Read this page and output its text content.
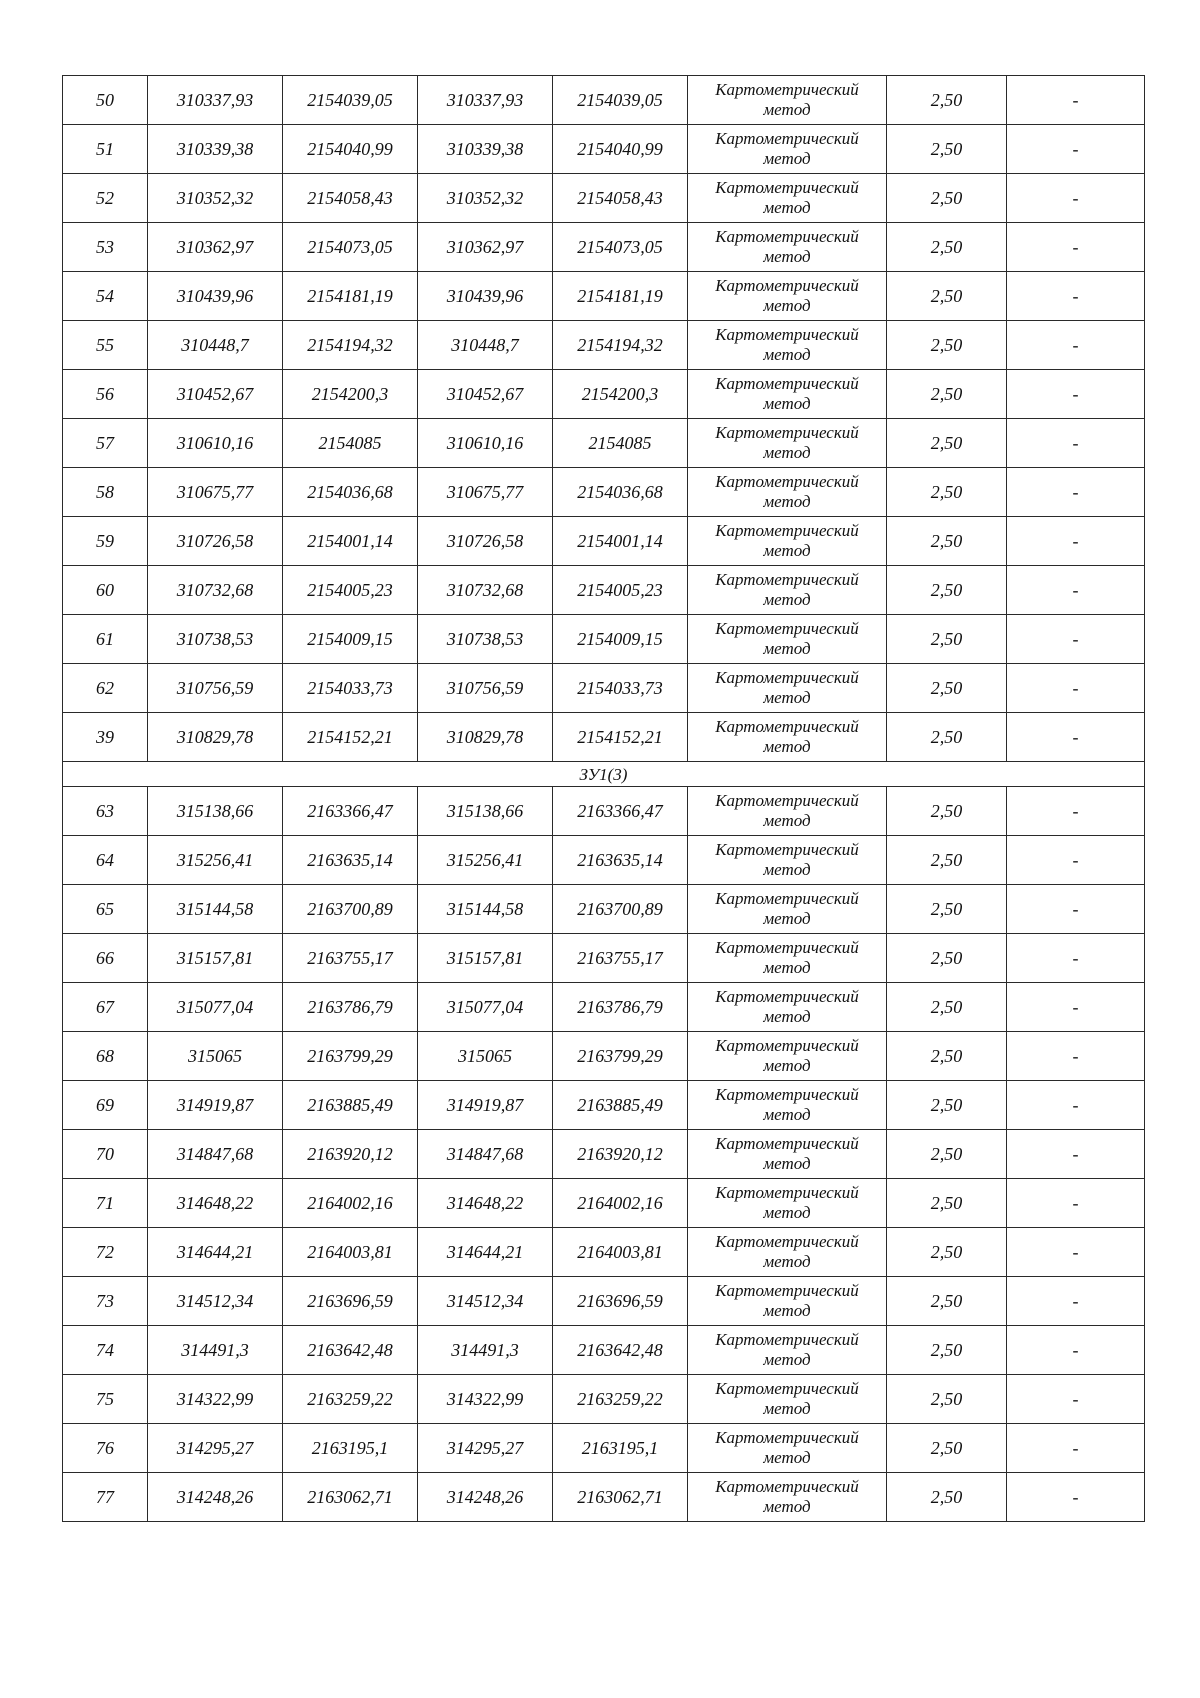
50	310337,93	2154039,05	310337,93	2154039,05	Картометрический
метод	2,50	-
51	310339,38	2154040,99	310339,38	2154040,99	Картометрический
метод	2,50	-
52	310352,32	2154058,43	310352,32	2154058,43	Картометрический
метод	2,50	-
53	310362,97	2154073,05	310362,97	2154073,05	Картометрический
метод	2,50	-
54	310439,96	2154181,19	310439,96	2154181,19	Картометрический
метод	2,50	-
55	310448,7	2154194,32	310448,7	2154194,32	Картометрический
метод	2,50	-
56	310452,67	2154200,3	310452,67	2154200,3	Картометрический
метод	2,50	-
57	310610,16	2154085	310610,16	2154085	Картометрический
метод	2,50	-
58	310675,77	2154036,68	310675,77	2154036,68	Картометрический
метод	2,50	-
59	310726,58	2154001,14	310726,58	2154001,14	Картометрический
метод	2,50	-
60	310732,68	2154005,23	310732,68	2154005,23	Картометрический
метод	2,50	-
61	310738,53	2154009,15	310738,53	2154009,15	Картометрический
метод	2,50	-
62	310756,59	2154033,73	310756,59	2154033,73	Картометрический
метод	2,50	-
39	310829,78	2154152,21	310829,78	2154152,21	Картометрический
метод	2,50	-
ЗУ1(3)							
63	315138,66	2163366,47	315138,66	2163366,47	Картометрический
метод	2,50	-
64	315256,41	2163635,14	315256,41	2163635,14	Картометрический
метод	2,50	-
65	315144,58	2163700,89	315144,58	2163700,89	Картометрический
метод	2,50	-
66	315157,81	2163755,17	315157,81	2163755,17	Картометрический
метод	2,50	-
67	315077,04	2163786,79	315077,04	2163786,79	Картометрический
метод	2,50	-
68	315065	2163799,29	315065	2163799,29	Картометрический
метод	2,50	-
69	314919,87	2163885,49	314919,87	2163885,49	Картометрический
метод	2,50	-
70	314847,68	2163920,12	314847,68	2163920,12	Картометрический
метод	2,50	-
71	314648,22	2164002,16	314648,22	2164002,16	Картометрический
метод	2,50	-
72	314644,21	2164003,81	314644,21	2164003,81	Картометрический
метод	2,50	-
73	314512,34	2163696,59	314512,34	2163696,59	Картометрический
метод	2,50	-
74	314491,3	2163642,48	314491,3	2163642,48	Картометрический
метод	2,50	-
75	314322,99	2163259,22	314322,99	2163259,22	Картометрический
метод	2,50	-
76	314295,27	2163195,1	314295,27	2163195,1	Картометрический
метод	2,50	-
77	314248,26	2163062,71	314248,26	2163062,71	Картометрический
метод	2,50	-
